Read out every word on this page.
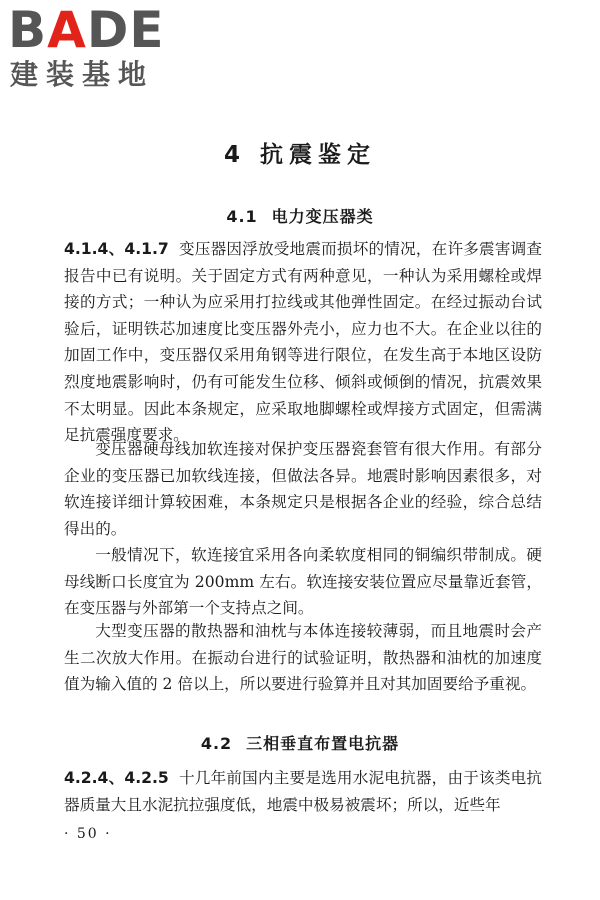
BADE
建装基地
4 抗震鉴定
4.1 电力变压器类
4.1.4、4.1.7 变压器因浮放受地震而损坏的情况，在许多震害调查报告中已有说明。关于固定方式有两种意见，一种认为采用螺栓或焊接的方式；一种认为应采用打拉线或其他弹性固定。在经过振动台试验后，证明铁芯加速度比变压器外壳小，应力也不大。在企业以往的加固工作中，变压器仅采用角钢等进行限位，在发生高于本地区设防烈度地震影响时，仍有可能发生位移、倾斜或倾倒的情况，抗震效果不太明显。因此本条规定，应采取地脚螺栓或焊接方式固定，但需满足抗震强度要求。
变压器硬母线加软连接对保护变压器瓷套管有很大作用。有部分企业的变压器已加软线连接，但做法各异。地震时影响因素很多，对软连接详细计算较困难，本条规定只是根据各企业的经验，综合总结得出的。
一般情况下，软连接宜采用各向柔软度相同的铜编织带制成。硬母线断口长度宜为 200mm 左右。软连接安装位置应尽量靠近套管，在变压器与外部第一个支持点之间。
大型变压器的散热器和油枕与本体连接较薄弱，而且地震时会产生二次放大作用。在振动台进行的试验证明，散热器和油枕的加速度值为输入值的 2 倍以上，所以要进行验算并且对其加固要给予重视。
4.2 三相垂直布置电抗器
4.2.4、4.2.5 十几年前国内主要是选用水泥电抗器，由于该类电抗器质量大且水泥抗拉强度低，地震中极易被震坏；所以，近些年
· 50 ·
